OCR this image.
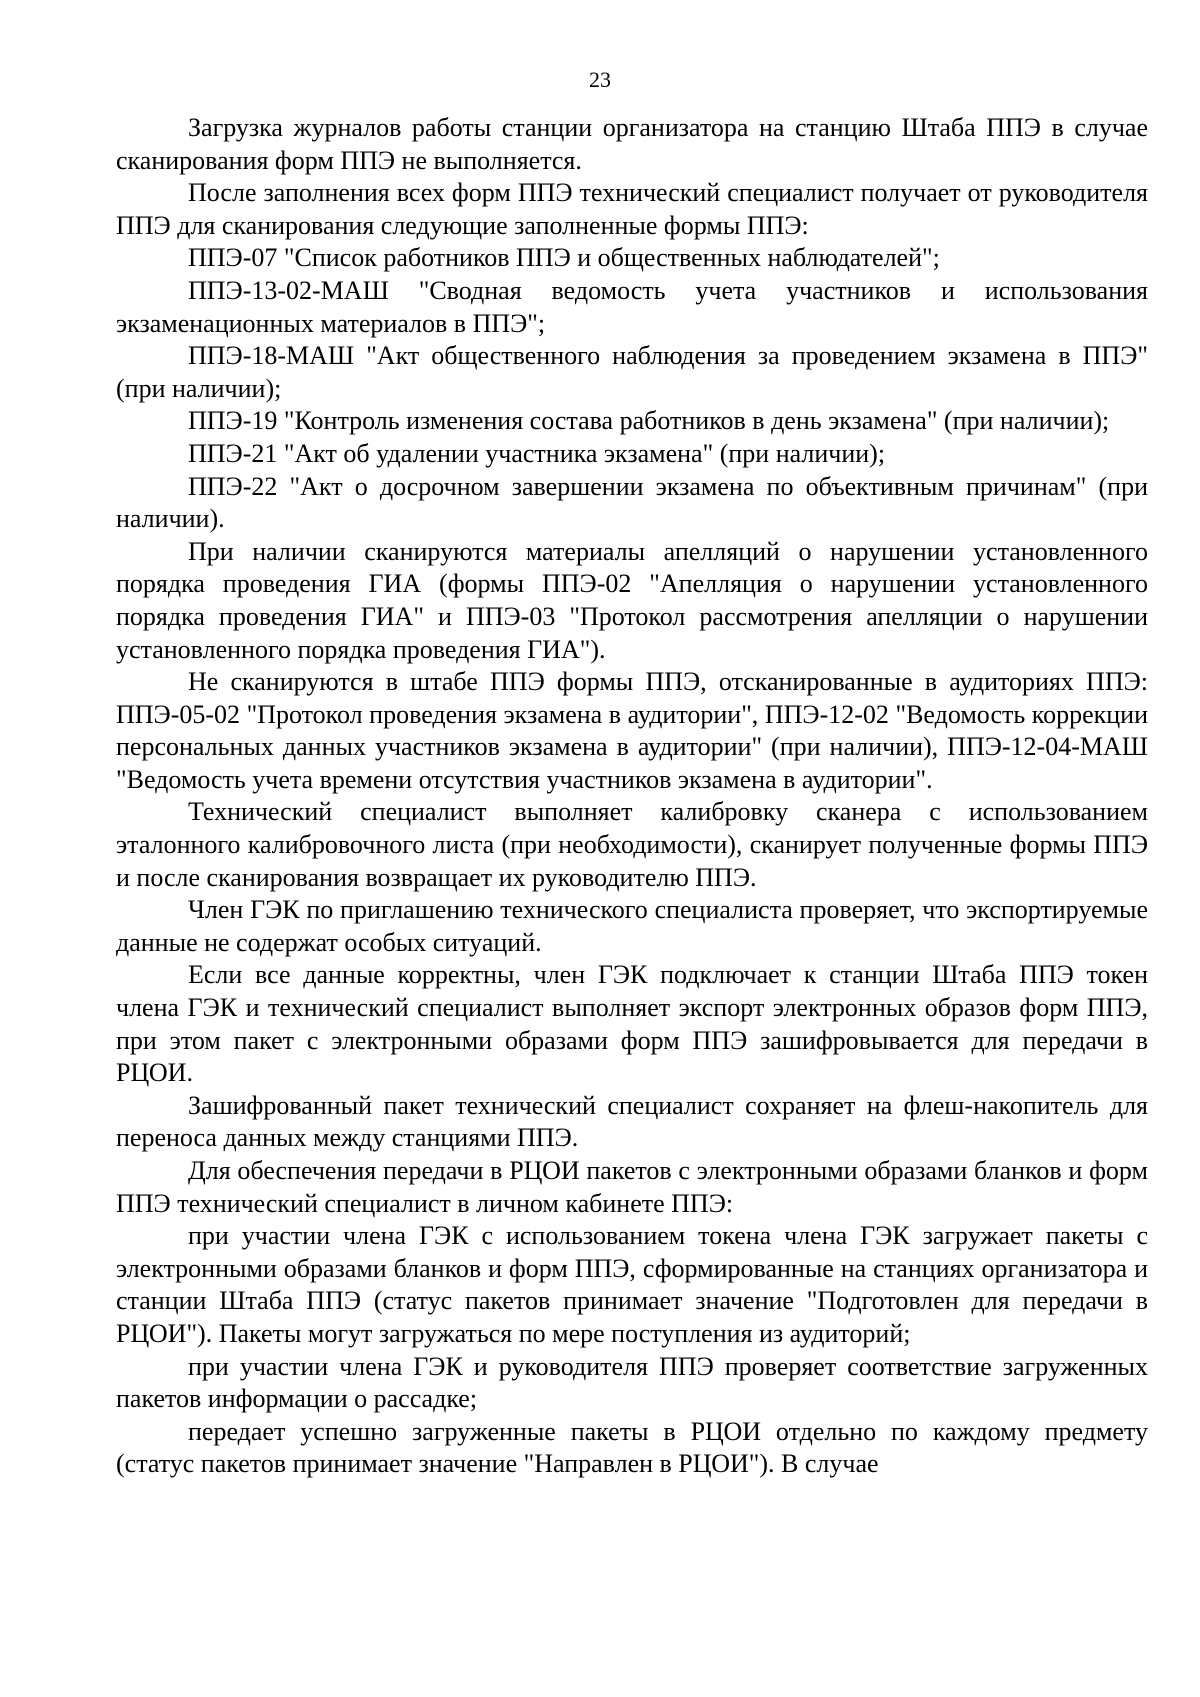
23

Загрузка журналов работы станции организатора на станцию Штаба ППЭ в случае сканирования форм ППЭ не выполняется.

После заполнения всех форм ППЭ технический специалист получает от руководителя ППЭ для сканирования следующие заполненные формы ППЭ:

ППЭ-07 "Список работников ППЭ и общественных наблюдателей";

ППЭ-13-02-МАШ "Сводная ведомость учета участников и использования экзаменационных материалов в ППЭ";

ППЭ-18-МАШ "Акт общественного наблюдения за проведением экзамена в ППЭ" (при наличии);

ППЭ-19 "Контроль изменения состава работников в день экзамена" (при наличии);

ППЭ-21 "Акт об удалении участника экзамена" (при наличии);

ППЭ-22 "Акт о досрочном завершении экзамена по объективным причинам" (при наличии).

При наличии сканируются материалы апелляций о нарушении установленного порядка проведения ГИА (формы ППЭ-02 "Апелляция о нарушении установленного порядка проведения ГИА" и ППЭ-03 "Протокол рассмотрения апелляции о нарушении установленного порядка проведения ГИА").

Не сканируются в штабе ППЭ формы ППЭ, отсканированные в аудиториях ППЭ: ППЭ-05-02 "Протокол проведения экзамена в аудитории", ППЭ-12-02 "Ведомость коррекции персональных данных участников экзамена в аудитории" (при наличии), ППЭ-12-04-МАШ "Ведомость учета времени отсутствия участников экзамена в аудитории".

Технический специалист выполняет калибровку сканера с использованием эталонного калибровочного листа (при необходимости), сканирует полученные формы ППЭ и после сканирования возвращает их руководителю ППЭ.

Член ГЭК по приглашению технического специалиста проверяет, что экспортируемые данные не содержат особых ситуаций.

Если все данные корректны, член ГЭК подключает к станции Штаба ППЭ токен члена ГЭК и технический специалист выполняет экспорт электронных образов форм ППЭ, при этом пакет с электронными образами форм ППЭ зашифровывается для передачи в РЦОИ.

Зашифрованный пакет технический специалист сохраняет на флеш-накопитель для переноса данных между станциями ППЭ.

Для обеспечения передачи в РЦОИ пакетов с электронными образами бланков и форм ППЭ технический специалист в личном кабинете ППЭ:

при участии члена ГЭК с использованием токена члена ГЭК загружает пакеты с электронными образами бланков и форм ППЭ, сформированные на станциях организатора и станции Штаба ППЭ (статус пакетов принимает значение "Подготовлен для передачи в РЦОИ"). Пакеты могут загружаться по мере поступления из аудиторий;

при участии члена ГЭК и руководителя ППЭ проверяет соответствие загруженных пакетов информации о рассадке;

передает успешно загруженные пакеты в РЦОИ отдельно по каждому предмету (статус пакетов принимает значение "Направлен в РЦОИ"). В случае
